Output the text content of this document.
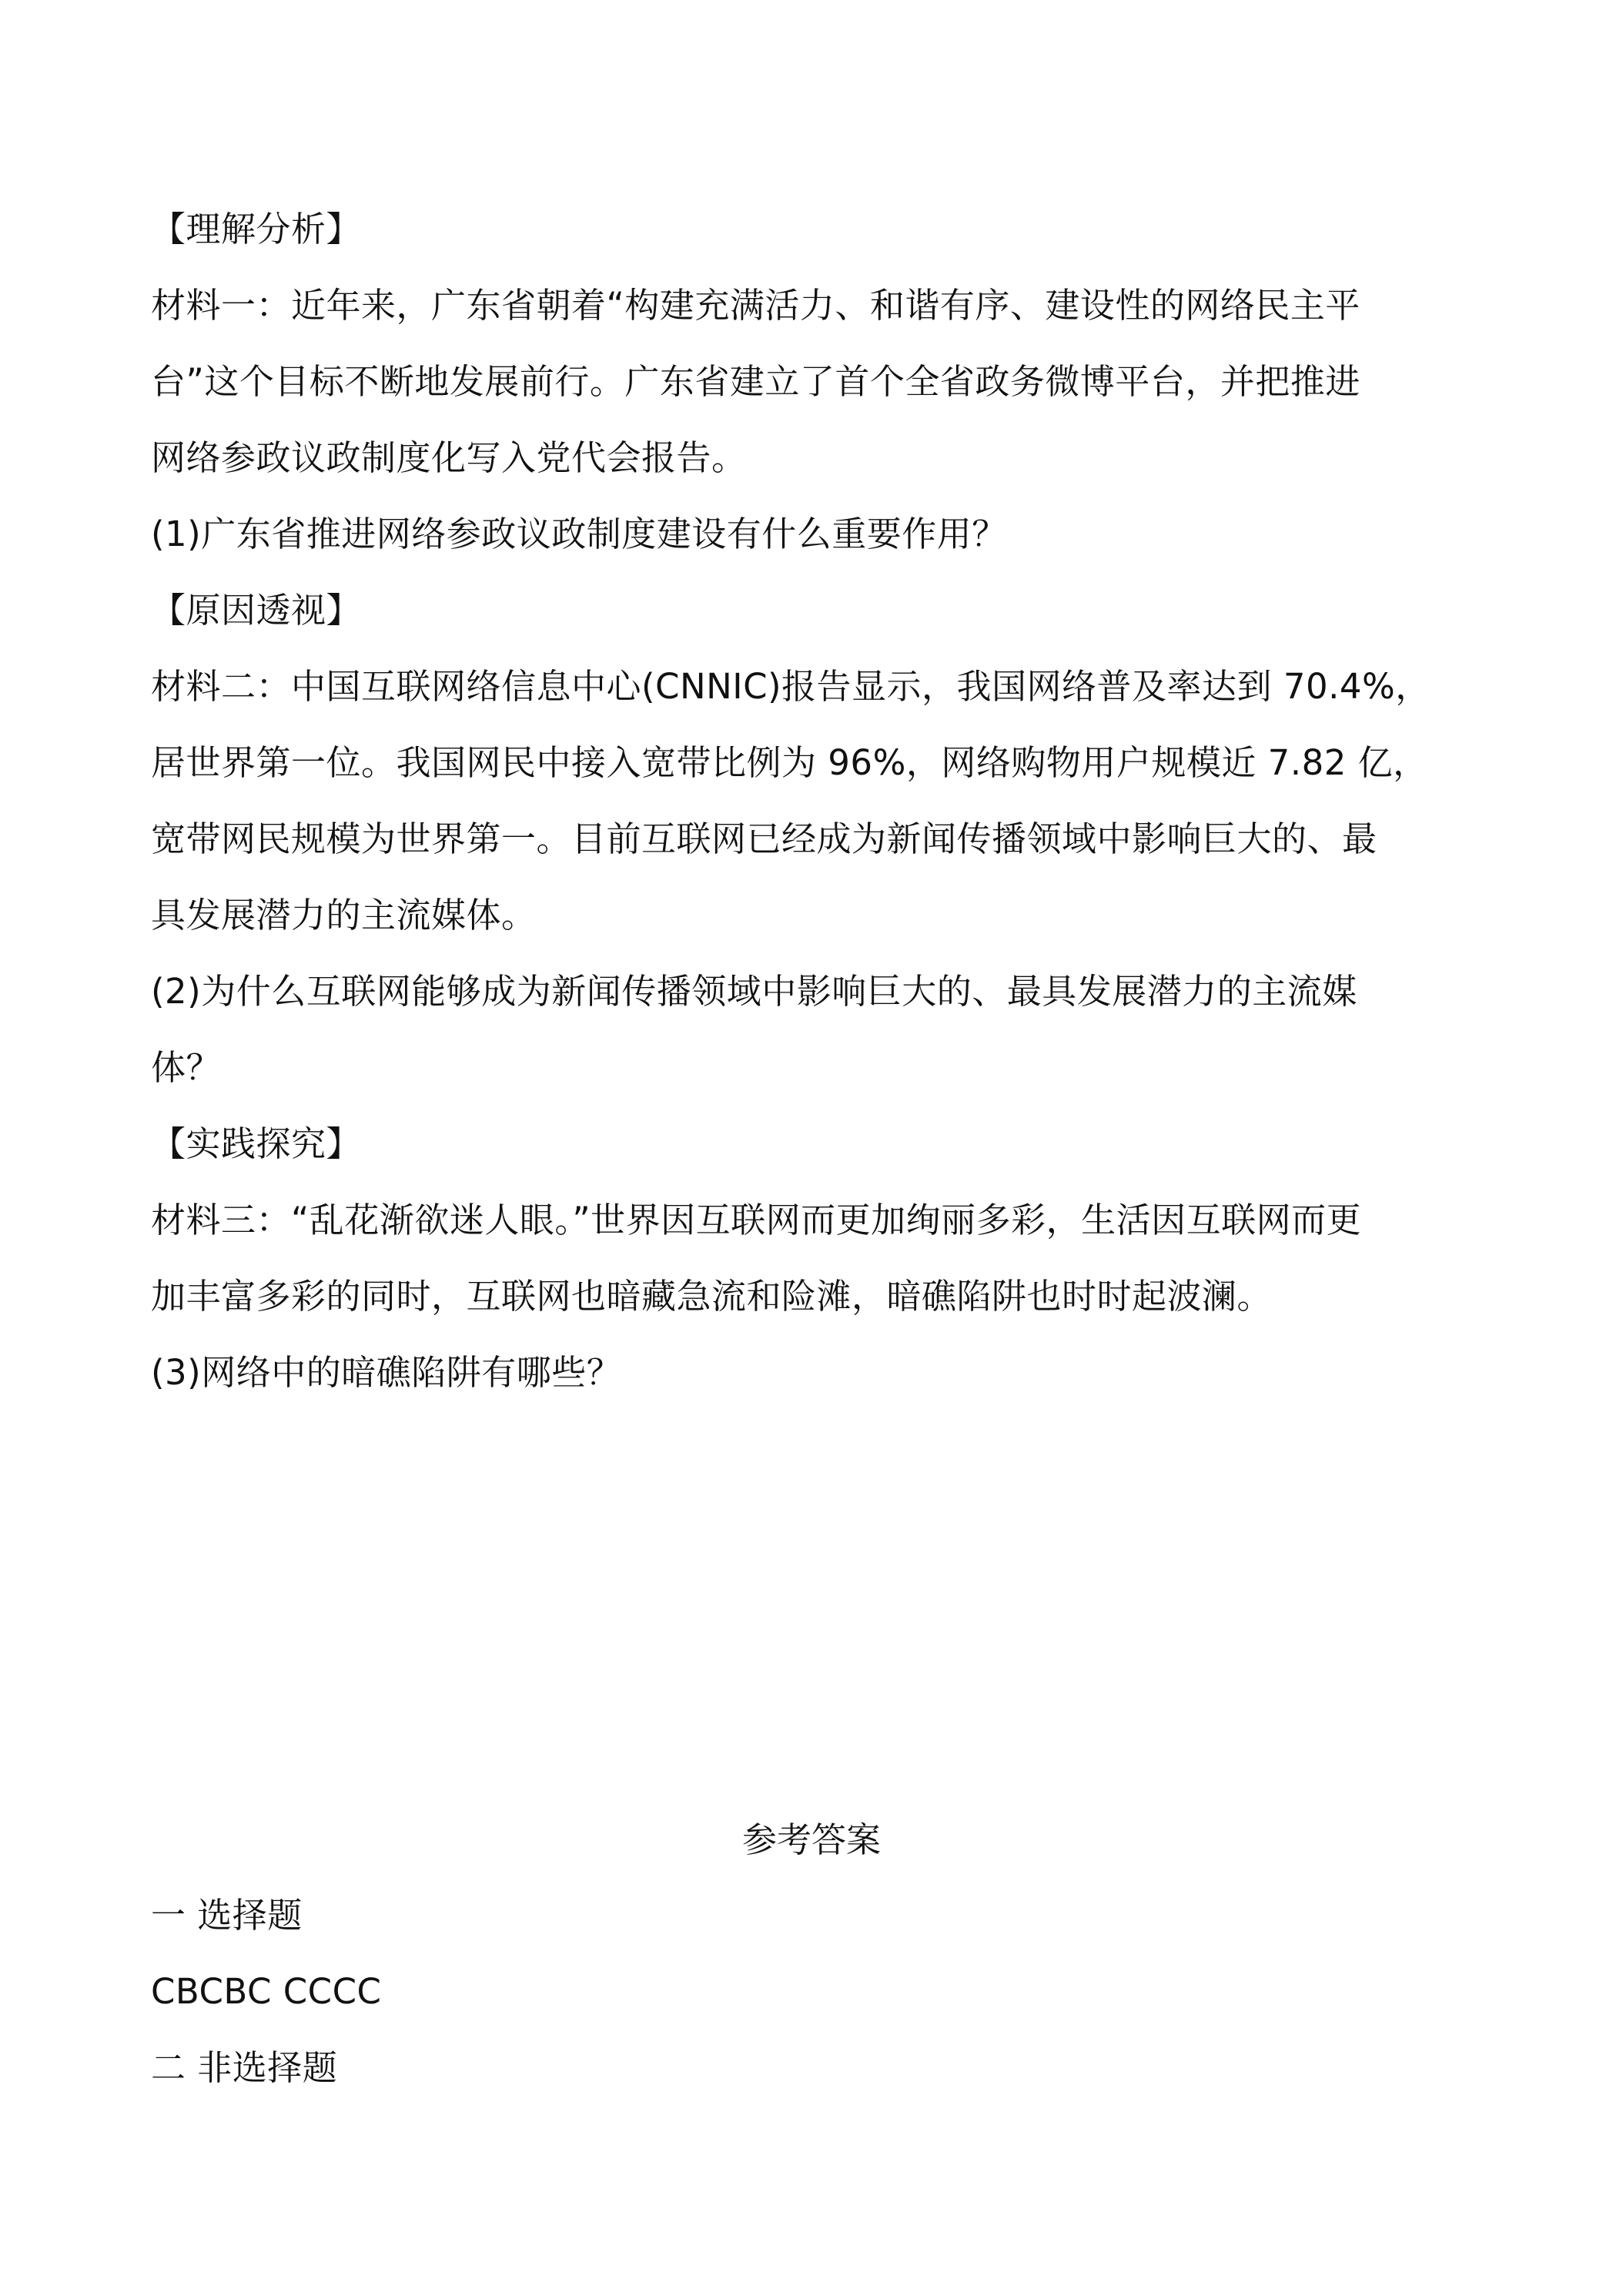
【理解分析】

材料一：近年来，广东省朝着“构建充满活力、和谐有序、建设性的网络民主平

台”这个目标不断地发展前行。广东省建立了首个全省政务微博平台，并把推进

网络参政议政制度化写入党代会报告。

(1)广东省推进网络参政议政制度建设有什么重要作用？

【原因透视】

材料二：中国互联网络信息中心(CNNIC)报告显示，我国网络普及率达到 70.4%，

居世界第一位。我国网民中接入宽带比例为 96%，网络购物用户规模近 7.82 亿，

宽带网民规模为世界第一。目前互联网已经成为新闻传播领域中影响巨大的、最

具发展潜力的主流媒体。

(2)为什么互联网能够成为新闻传播领域中影响巨大的、最具发展潜力的主流媒

体？

【实践探究】

材料三：“乱花渐欲迷人眼。”世界因互联网而更加绚丽多彩，生活因互联网而更

加丰富多彩的同时，互联网也暗藏急流和险滩，暗礁陷阱也时时起波澜。

(3)网络中的暗礁陷阱有哪些？

参考答案

一 选择题

CBCBC CCCC

二 非选择题
